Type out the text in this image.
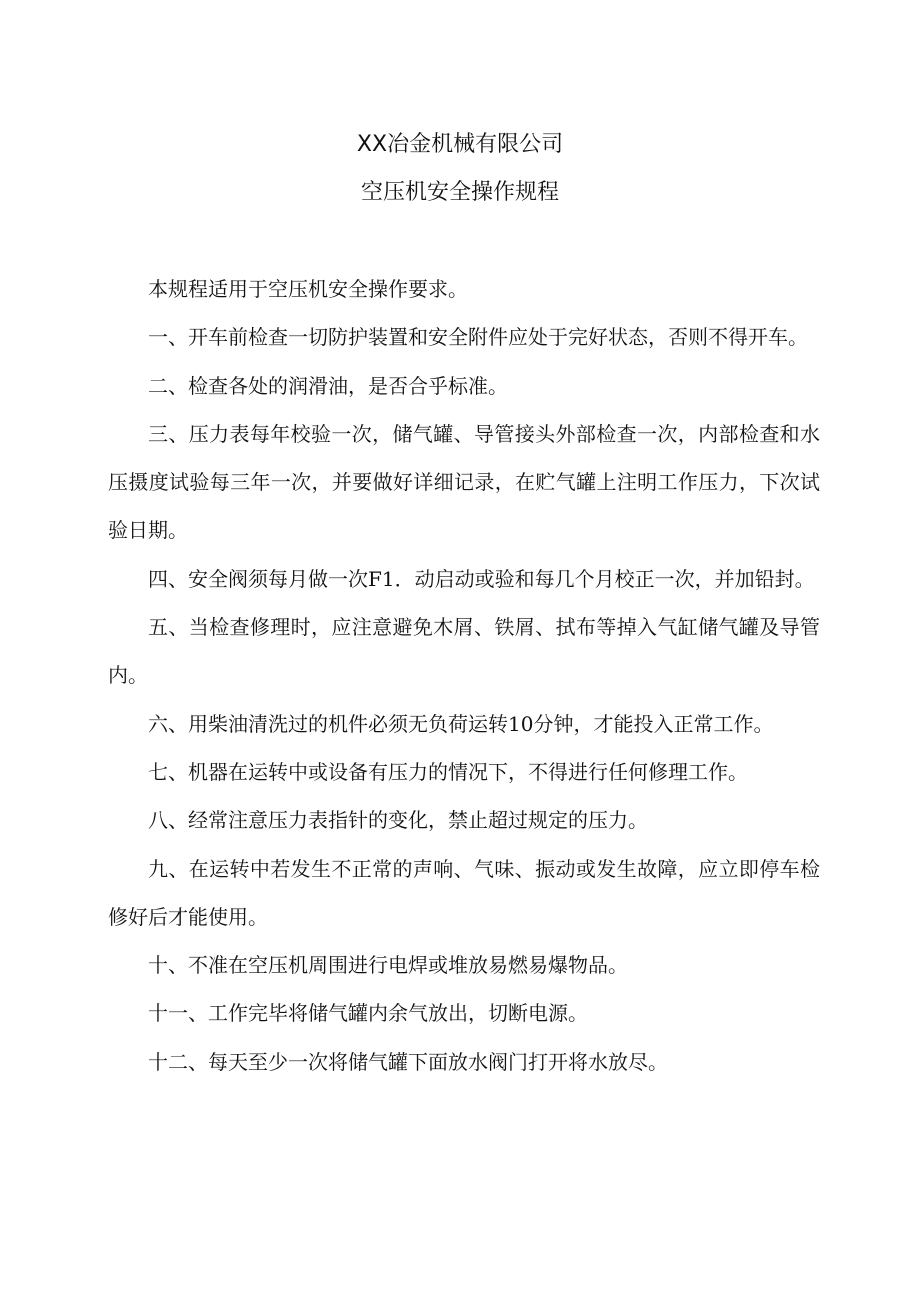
XX冶金机械有限公司
空压机安全操作规程

本规程适用于空压机安全操作要求。

一、开车前检查一切防护装置和安全附件应处于完好状态，否则不得开车。

二、检查各处的润滑油，是否合乎标准。

三、压力表每年校验一次，储气罐、导管接头外部检查一次，内部检查和水压摄度试验每三年一次，并要做好详细记录，在贮气罐上注明工作压力，下次试验日期。

四、安全阀须每月做一次F1．动启动或验和每几个月校正一次，并加铅封。

五、当检查修理时，应注意避免木屑、铁屑、拭布等掉入气缸储气罐及导管内。

六、用柴油清洗过的机件必须无负荷运转10分钟，才能投入正常工作。

七、机器在运转中或设备有压力的情况下，不得进行任何修理工作。

八、经常注意压力表指针的变化，禁止超过规定的压力。

九、在运转中若发生不正常的声响、气味、振动或发生故障，应立即停车检修好后才能使用。

十、不准在空压机周围进行电焊或堆放易燃易爆物品。

十一、工作完毕将储气罐内余气放出，切断电源。

十二、每天至少一次将储气罐下面放水阀门打开将水放尽。
